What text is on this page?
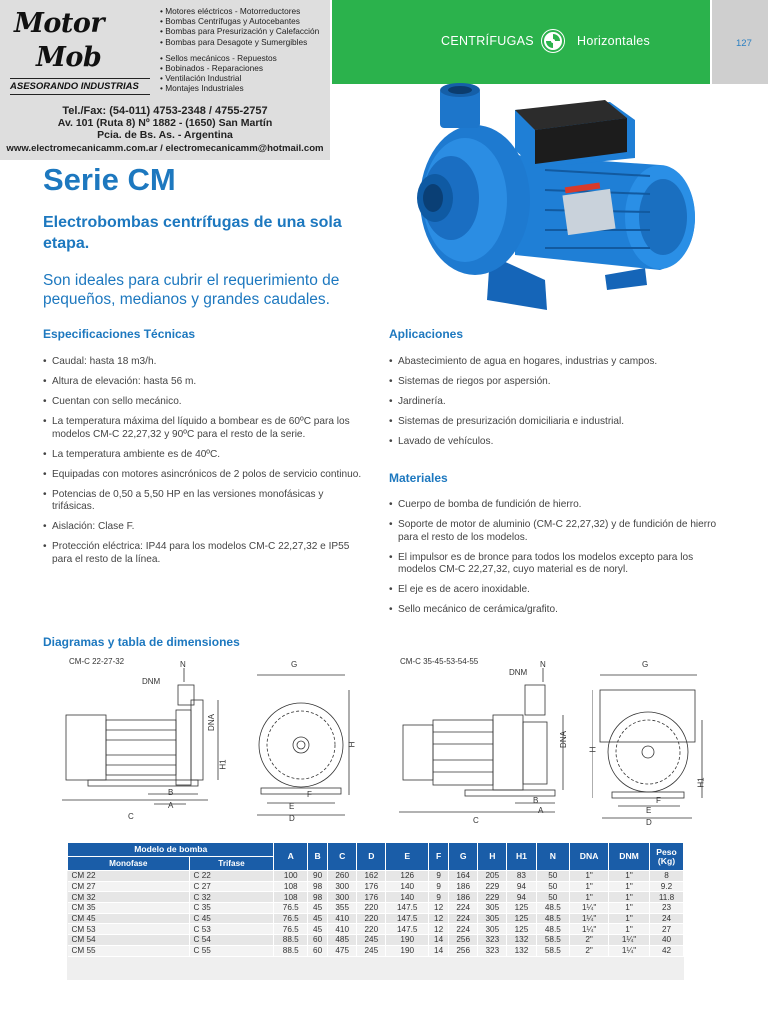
Motor
Mob
• Motores eléctricos - Motorreductores
• Bombas Centrífugas y Autocebantes
• Bombas para Presurización y Calefacción
• Bombas para Desagote y Sumergibles
• Sellos mecánicos - Repuestos
• Bobinados - Reparaciones
• Ventilación Industrial
• Montajes Industriales
ASESORANDO INDUSTRIAS
Tel./Fax: (54-011) 4753-2348 / 4755-2757
Av. 101 (Ruta 8) Nº 1882 - (1650) San Martín
Pcia. de Bs. As. - Argentina
www.electromecanicamm.com.ar / electromecanicamm@hotmail.com
CENTRÍFUGAS	Horizontales	127
Serie CM
Electrobombas centrífugas de una sola etapa.
Son ideales para cubrir el requerimiento de pequeños, medianos y grandes caudales.
Especificaciones Técnicas
• Caudal: hasta 18 m3/h.
• Altura de elevación: hasta 56 m.
• Cuentan con sello mecánico.
• La temperatura máxima del líquido a bombear es de 60ºC para los modelos CM-C 22,27,32 y 90ºC para el resto de la serie.
• La temperatura ambiente es de 40ºC.
• Equipadas con motores asincrónicos de 2 polos de servicio continuo.
• Potencias de 0,50 a 5,50 HP en las versiones monofásicas y trifásicas.
• Aislación: Clase F.
• Protección eléctrica: IP44 para los modelos CM-C 22,27,32 e IP55 para el resto de la línea.
Aplicaciones
• Abastecimiento de agua en hogares, industrias y campos.
• Sistemas de riegos por aspersión.
• Jardinería.
• Sistemas de presurización domiciliaria e industrial.
• Lavado de vehículos.
Materiales
• Cuerpo de bomba de fundición de hierro.
• Soporte de motor de aluminio (CM-C 22,27,32) y de fundición de hierro para el resto de los modelos.
• El impulsor es de bronce para todos los modelos excepto para los modelos CM-C 22,27,32, cuyo material es de noryl.
• El eje es de acero inoxidable.
• Sello mecánico de cerámica/grafito.
Diagramas y tabla de dimensiones
CM-C 22-27-32	CM-C 35-45-53-54-55
N
DNM
DNA
H1
B
A
C
G
H
F
E
D
N
DNM
DNA
B
A
C
G
H
H1
F
E
D
Modelo de bomba		A	B	C	D	E	F	G	H	H1	N	DNA	DNM	Peso (Kg)
Monofase	Trifase													
CM 22	C 22	100	90	260	162	126	9	164	205	83	50	1"	1"	8
CM 27	C 27	108	98	300	176	140	9	186	229	94	50	1"	1"	9.2
CM 32	C 32	108	98	300	176	140	9	186	229	94	50	1"	1"	11.8
CM 35	C 35	76.5	45	355	220	147.5	12	224	305	125	48.5	1¼"	1"	23
CM 45	C 45	76.5	45	410	220	147.5	12	224	305	125	48.5	1¼"	1"	24
CM 53	C 53	76.5	45	410	220	147.5	12	224	305	125	48.5	1¼"	1"	27
CM 54	C 54	88.5	60	485	245	190	14	256	323	132	58.5	2"	1¼"	40
CM 55	C 55	88.5	60	475	245	190	14	256	323	132	58.5	2"	1¼"	42
